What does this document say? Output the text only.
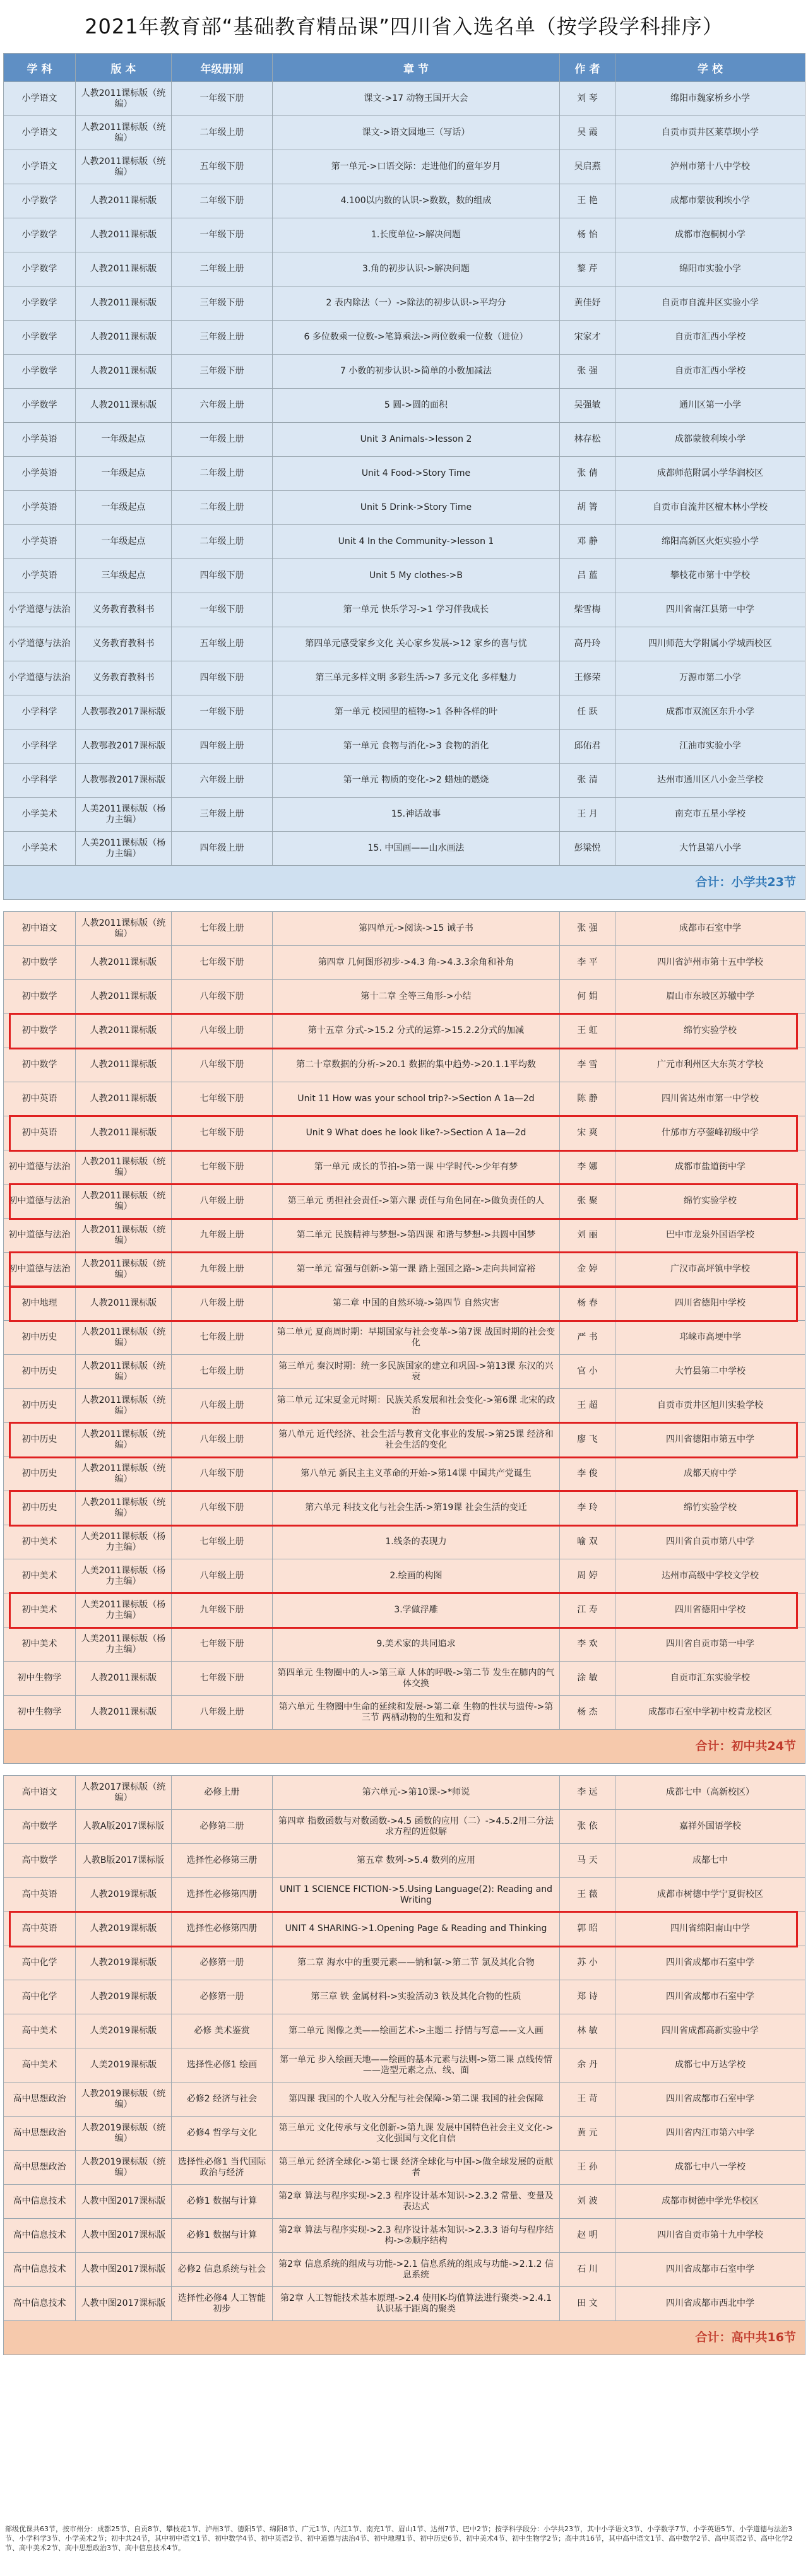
2021年教育部“基础教育精品课”四川省入选名单（按学段学科排序）
学 科	版 本	年级册别	章 节	作 者	学 校
小学语文	人教2011课标版（统编）	一年级下册	课文->17 动物王国开大会	刘 琴	绵阳市魏家桥乡小学
小学语文	人教2011课标版（统编）	二年级上册	课文->语文园地三（写话）	吴 霞	自贡市贡井区莱草坝小学
小学语文	人教2011课标版（统编）	五年级下册	第一单元->口语交际：走进他们的童年岁月	吴启燕	泸州市第十八中学校
小学数学	人教2011课标版	二年级下册	4.100以内数的认识->数数，数的组成	王 艳	成都市蒙彼利埃小学
小学数学	人教2011课标版	一年级下册	1.长度单位->解决问题	杨 怡	成都市泡桐树小学
小学数学	人教2011课标版	二年级上册	3.角的初步认识->解决问题	黎 芹	绵阳市实验小学
小学数学	人教2011课标版	三年级下册	2 表内除法（一）->除法的初步认识->平均分	黄佳妤	自贡市自流井区实验小学
小学数学	人教2011课标版	三年级上册	6 多位数乘一位数->笔算乘法->两位数乘一位数（进位）	宋家才	自贡市汇西小学校
小学数学	人教2011课标版	三年级下册	7 小数的初步认识->简单的小数加减法	张 强	自贡市汇西小学校
小学数学	人教2011课标版	六年级上册	5 圆->圆的面积	吴强敏	通川区第一小学
小学英语	一年级起点	一年级上册	Unit 3 Animals->lesson 2	林存松	成都蒙彼利埃小学
小学英语	一年级起点	二年级上册	Unit 4 Food->Story Time	张 倩	成都师范附属小学华润校区
小学英语	一年级起点	二年级上册	Unit 5 Drink->Story Time	胡 箐	自贡市自流井区檀木林小学校
小学英语	一年级起点	二年级上册	Unit 4 In the Community->lesson 1	邓 静	绵阳高新区火炬实验小学
小学英语	三年级起点	四年级下册	Unit 5 My clothes->B	吕 蓝	攀枝花市第十中学校
小学道德与法治	义务教育教科书	一年级下册	第一单元 快乐学习->1 学习伴我成长	柴雪梅	四川省南江县第一中学
小学道德与法治	义务教育教科书	五年级上册	第四单元感受家乡文化 关心家乡发展->12 家乡的喜与忧	高丹玲	四川师范大学附属小学城西校区
小学道德与法治	义务教育教科书	四年级下册	第三单元多样文明 多彩生活->7 多元文化 多样魅力	王修荣	万源市第二小学
小学科学	人教鄂教2017课标版	一年级下册	第一单元 校园里的植物->1 各种各样的叶	任 跃	成都市双流区东升小学
小学科学	人教鄂教2017课标版	四年级上册	第一单元 食物与消化->3 食物的消化	邱佑君	江油市实验小学
小学科学	人教鄂教2017课标版	六年级上册	第一单元 物质的变化->2 蜡烛的燃烧	张 清	达州市通川区八小金兰学校
小学美术	人美2011课标版（杨力主编）	三年级上册	15.神话故事	王 月	南充市五星小学校
小学美术	人美2011课标版（杨力主编）	四年级上册	15. 中国画——山水画法	彭梁悦	大竹县第八小学
合计：小学共23节					

初中语文	人教2011课标版（统编）	七年级上册	第四单元->阅读->15 诫子书	张 强	成都市石室中学
初中数学	人教2011课标版	七年级下册	第四章 几何图形初步->4.3 角->4.3.3余角和补角	李 平	四川省泸州市第十五中学校
初中数学	人教2011课标版	八年级下册	第十二章 全等三角形->小结	何 娟	眉山市东坡区苏辙中学
初中数学	人教2011课标版	八年级上册	第十五章 分式->15.2 分式的运算->15.2.2分式的加减	王 虹	绵竹实验学校
初中数学	人教2011课标版	八年级下册	第二十章数据的分析->20.1 数据的集中趋势->20.1.1平均数	李 雪	广元市利州区大东英才学校
初中英语	人教2011课标版	七年级下册	Unit 11 How was your school trip?->Section A 1a—2d	陈 静	四川省达州市第一中学校
初中英语	人教2011课标版	七年级下册	Unit 9 What does he look like?->Section A 1a—2d	宋 爽	什邡市方亭蓥峰初级中学
初中道德与法治	人教2011课标版（统编）	七年级下册	第一单元 成长的节拍->第一课 中学时代->少年有梦	李 娜	成都市盐道街中学
初中道德与法治	人教2011课标版（统编）	八年级上册	第三单元 勇担社会责任->第六课 责任与角色同在->做负责任的人	张 聚	绵竹实验学校
初中道德与法治	人教2011课标版（统编）	九年级上册	第二单元 民族精神与梦想->第四课 和谐与梦想->共圆中国梦	刘 丽	巴中市龙泉外国语学校
初中道德与法治	人教2011课标版（统编）	九年级上册	第一单元 富强与创新->第一课 踏上强国之路->走向共同富裕	金 婷	广汉市高坪镇中学校
初中地理	人教2011课标版	八年级上册	第二章 中国的自然环境->第四节 自然灾害	杨 春	四川省德阳中学校
初中历史	人教2011课标版（统编）	七年级上册	第二单元 夏商周时期：早期国家与社会变革->第7课 战国时期的社会变化	严 书	邛崃市高埂中学
初中历史	人教2011课标版（统编）	七年级上册	第三单元 秦汉时期：统一多民族国家的建立和巩固->第13课 东汉的兴衰	官 小	大竹县第二中学校
初中历史	人教2011课标版（统编）	八年级上册	第二单元 辽宋夏金元时期：民族关系发展和社会变化->第6课 北宋的政治	王 超	自贡市贡井区旭川实验学校
初中历史	人教2011课标版（统编）	八年级上册	第八单元 近代经济、社会生活与教育文化事业的发展->第25课 经济和社会生活的变化	廖 飞	四川省德阳市第五中学
初中历史	人教2011课标版（统编）	八年级下册	第八单元 新民主主义革命的开始->第14课 中国共产党诞生	李 俊	成都天府中学
初中历史	人教2011课标版（统编）	八年级下册	第六单元 科技文化与社会生活->第19课 社会生活的变迁	李 玲	绵竹实验学校
初中美术	人美2011课标版（杨力主编）	七年级上册	1.线条的表现力	喻 双	四川省自贡市第八中学
初中美术	人美2011课标版（杨力主编）	八年级上册	2.绘画的构图	周 婷	达州市高级中学校文学校
初中美术	人美2011课标版（杨力主编）	九年级下册	3.学做浮雕	江 寿	四川省德阳中学校
初中美术	人美2011课标版（杨力主编）	七年级下册	9.美术家的共同追求	李 欢	四川省自贡市第一中学
初中生物学	人教2011课标版	七年级下册	第四单元 生物圈中的人->第三章 人体的呼吸->第二节 发生在肺内的气体交换	涂 敏	自贡市汇东实验学校
初中生物学	人教2011课标版	八年级上册	第六单元 生物圈中生命的延续和发展->第二章 生物的性状与遗传->第三节 两栖动物的生殖和发育	杨 杰	成都市石室中学初中校青龙校区
合计：初中共24节					

高中语文	人教2017课标版（统编）	必修上册	第六单元->第10课->*师说	李 远	成都七中（高新校区）
高中数学	人教A版2017课标版	必修第二册	第四章 指数函数与对数函数->4.5 函数的应用（二）->4.5.2用二分法求方程的近似解	张 依	嘉祥外国语学校
高中数学	人教B版2017课标版	选择性必修第三册	第五章 数列->5.4 数列的应用	马 天	成都七中
高中英语	人教2019课标版	选择性必修第四册	UNIT 1 SCIENCE FICTION->5.Using Language(2): Reading and Writing	王 薇	成都市树德中学宁夏街校区
高中英语	人教2019课标版	选择性必修第四册	UNIT 4 SHARING->1.Opening Page & Reading and Thinking	郭 昭	四川省绵阳南山中学
高中化学	人教2019课标版	必修第一册	第二章 海水中的重要元素——钠和氯->第二节 氯及其化合物	苏 小	四川省成都市石室中学
高中化学	人教2019课标版	必修第一册	第三章 铁 金属材料->实验活动3 铁及其化合物的性质	郑 诗	四川省成都市石室中学
高中美术	人美2019课标版	必修 美术鉴赏	第二单元 图像之美——绘画艺术->主题二 抒情与写意——文人画	林 敏	四川省成都高新实验中学
高中美术	人美2019课标版	选择性必修1 绘画	第一单元 步入绘画天地——绘画的基本元素与法则->第二课 点线传情——造型元素之点、线、面	余 丹	成都七中万达学校
高中思想政治	人教2019课标版（统编）	必修2 经济与社会	第四课 我国的个人收入分配与社会保障->第二课 我国的社会保障	王 苛	四川省成都市石室中学
高中思想政治	人教2019课标版（统编）	必修4 哲学与文化	第三单元 文化传承与文化创新->第九课 发展中国特色社会主义文化->文化强国与文化自信	黄 元	四川省内江市第六中学
高中思想政治	人教2019课标版（统编）	选择性必修1 当代国际政治与经济	第三单元 经济全球化->第七课 经济全球化与中国->做全球发展的贡献者	王 孙	成都七中八一学校
高中信息技术	人教中图2017课标版	必修1 数据与计算	第2章 算法与程序实现->2.3 程序设计基本知识->2.3.2 常量、变量及表达式	刘 波	成都市树德中学光华校区
高中信息技术	人教中图2017课标版	必修1 数据与计算	第2章 算法与程序实现->2.3 程序设计基本知识->2.3.3 语句与程序结构->②顺序结构	赵 明	四川省自贡市第十九中学校
高中信息技术	人教中图2017课标版	必修2 信息系统与社会	第2章 信息系统的组成与功能->2.1 信息系统的组成与功能->2.1.2 信息系统	石 川	四川省成都市石室中学
高中信息技术	人教中图2017课标版	选择性必修4 人工智能初步	第2章 人工智能技术基本原理->2.4 使用K-均值算法进行聚类->2.4.1 认识基于距离的聚类	田 文	四川省成都市西北中学
合计：高中共16节					
部级优课共63节，按市州分：成都25节、自贡8节、攀枝花1节、泸州3节、德阳5节、绵阳8节、广元1节、内江1节、南充1节、眉山1节、达州7节、巴中2节；按学科学段分：小学共23节，其中小学语文3节、小学数学7节、小学英语5节、小学道德与法治3节、小学科学3节、小学美术2节；初中共24节，其中初中语文1节、初中数学4节、初中英语2节、初中道德与法治4节、初中地理1节、初中历史6节、初中美术4节、初中生物学2节；高中共16节，其中高中语文1节、高中数学2节、高中英语2节、高中化学2节、高中美术2节、高中思想政治3节、高中信息技术4节。
